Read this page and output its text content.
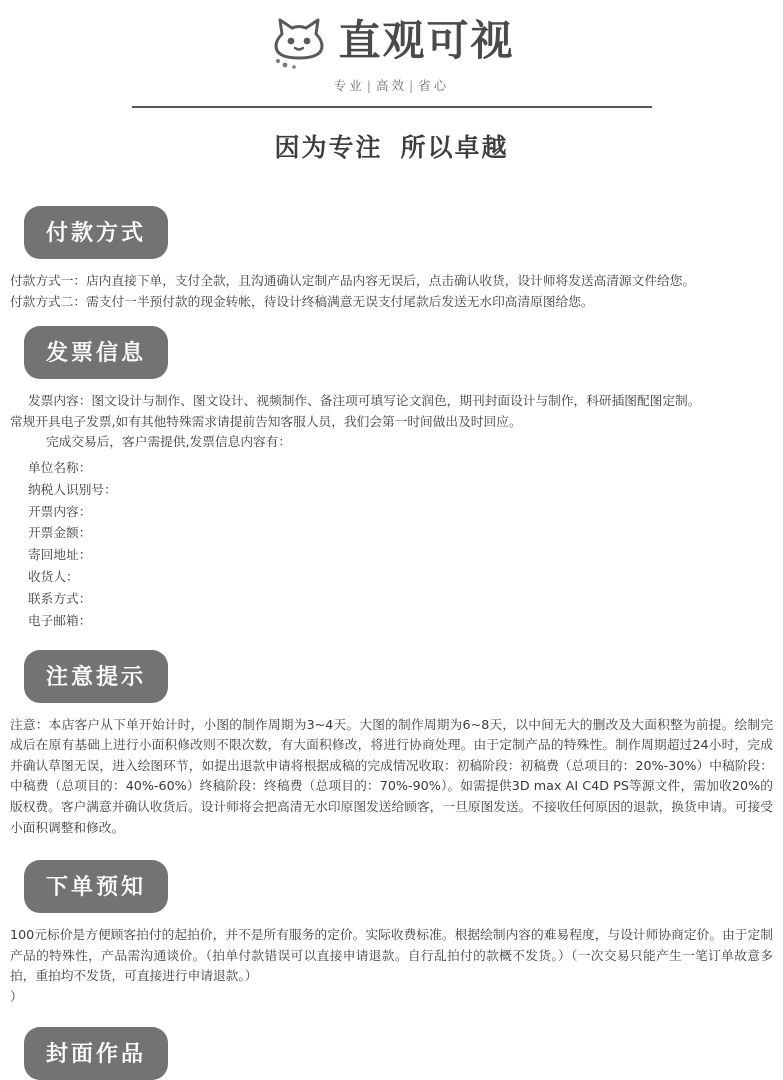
直观可视
专业 | 高效 | 省心
因为专注 所以卓越
付款方式
付款方式一：店内直接下单，支付全款，且沟通确认定制产品内容无误后，点击确认收货，设计师将发送高清源文件给您。
付款方式二：需支付一半预付款的现金转帐，待设计终稿满意无误支付尾款后发送无水印高清原图给您。
发票信息
发票内容：图文设计与制作、图文设计、视频制作、备注项可填写论文润色，期刊封面设计与制作，科研插图配图定制。
常规开具电子发票,如有其他特殊需求请提前告知客服人员，我们会第一时间做出及时回应。
完成交易后，客户需提供,发票信息内容有：
单位名称：
纳税人识别号：
开票内容：
开票金额：
寄回地址：
收货人：
联系方式：
电子邮箱：
注意提示
注意：本店客户从下单开始计时，小图的制作周期为3~4天。大图的制作周期为6~8天，以中间无大的删改及大面积整为前提。绘制完成后在原有基础上进行小面积修改则不限次数，有大面积修改，将进行协商处理。由于定制产品的特殊性。制作周期超过24小时，完成并确认草图无误，进入绘图环节，如提出退款申请将根据成稿的完成情况收取：初稿阶段：初稿费（总项目的：20%-30%）中稿阶段：中稿费（总项目的：40%-60%）终稿阶段：终稿费（总项目的：70%-90%）。如需提供3D max AI C4D PS等源文件，需加收20%的版权费。客户满意并确认收货后。设计师将会把高清无水印原图发送给顾客，一旦原图发送。不接收任何原因的退款，换货申请。可接受小面积调整和修改。
下单预知
100元标价是方便顾客拍付的起拍价，并不是所有服务的定价。实际收费标准。根据绘制内容的难易程度，与设计师协商定价。由于定制产品的特殊性，产品需沟通谈价。（拍单付款错误可以直接申请退款。自行乱拍付的款概不发货。）（一次交易只能产生一笔订单故意多拍，重拍均不发货，可直接进行申请退款。）
）
封面作品
